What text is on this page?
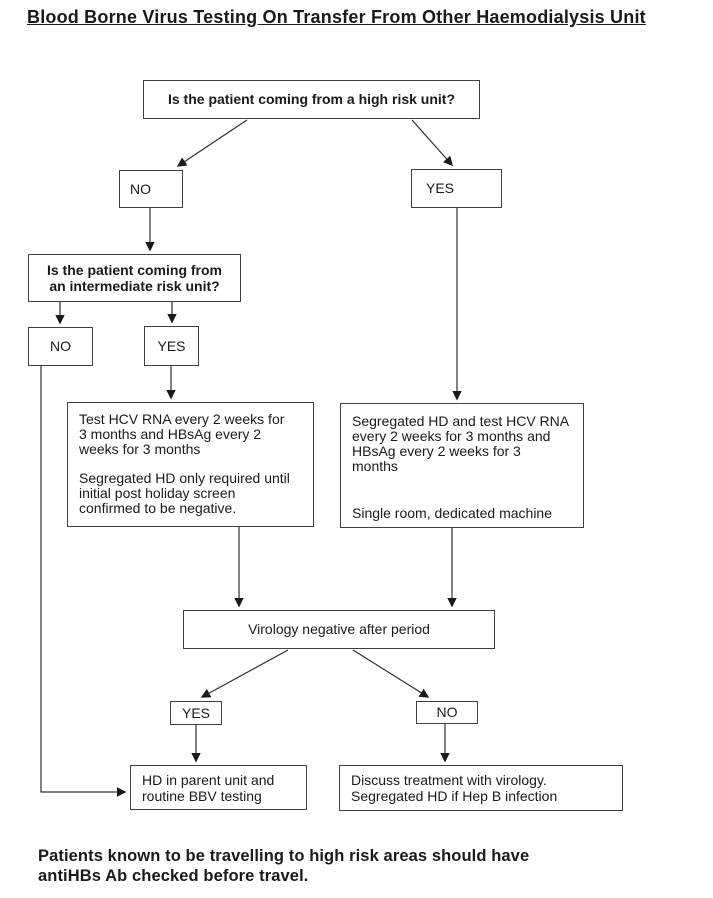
Blood Borne Virus Testing On Transfer From Other Haemodialysis Unit
Is the patient coming from a high risk unit?
NO	YES
Is the patient coming from an intermediate risk unit?
NO	YES

Test HCV RNA every 2 weeks for 3 months and HBsAg every 2 weeks for 3 months

Segregated HD only required until initial post holiday screen confirmed to be negative.

Segregated HD and test HCV RNA every 2 weeks for 3 months and HBsAg every 2 weeks for 3 months

Single room, dedicated machine

Virology negative after period
YES	NO
HD in parent unit and routine BBV testing
Discuss treatment with virology. Segregated HD if Hep B infection
Patients known to be travelling to high risk areas should have antiHBs Ab checked before travel.
